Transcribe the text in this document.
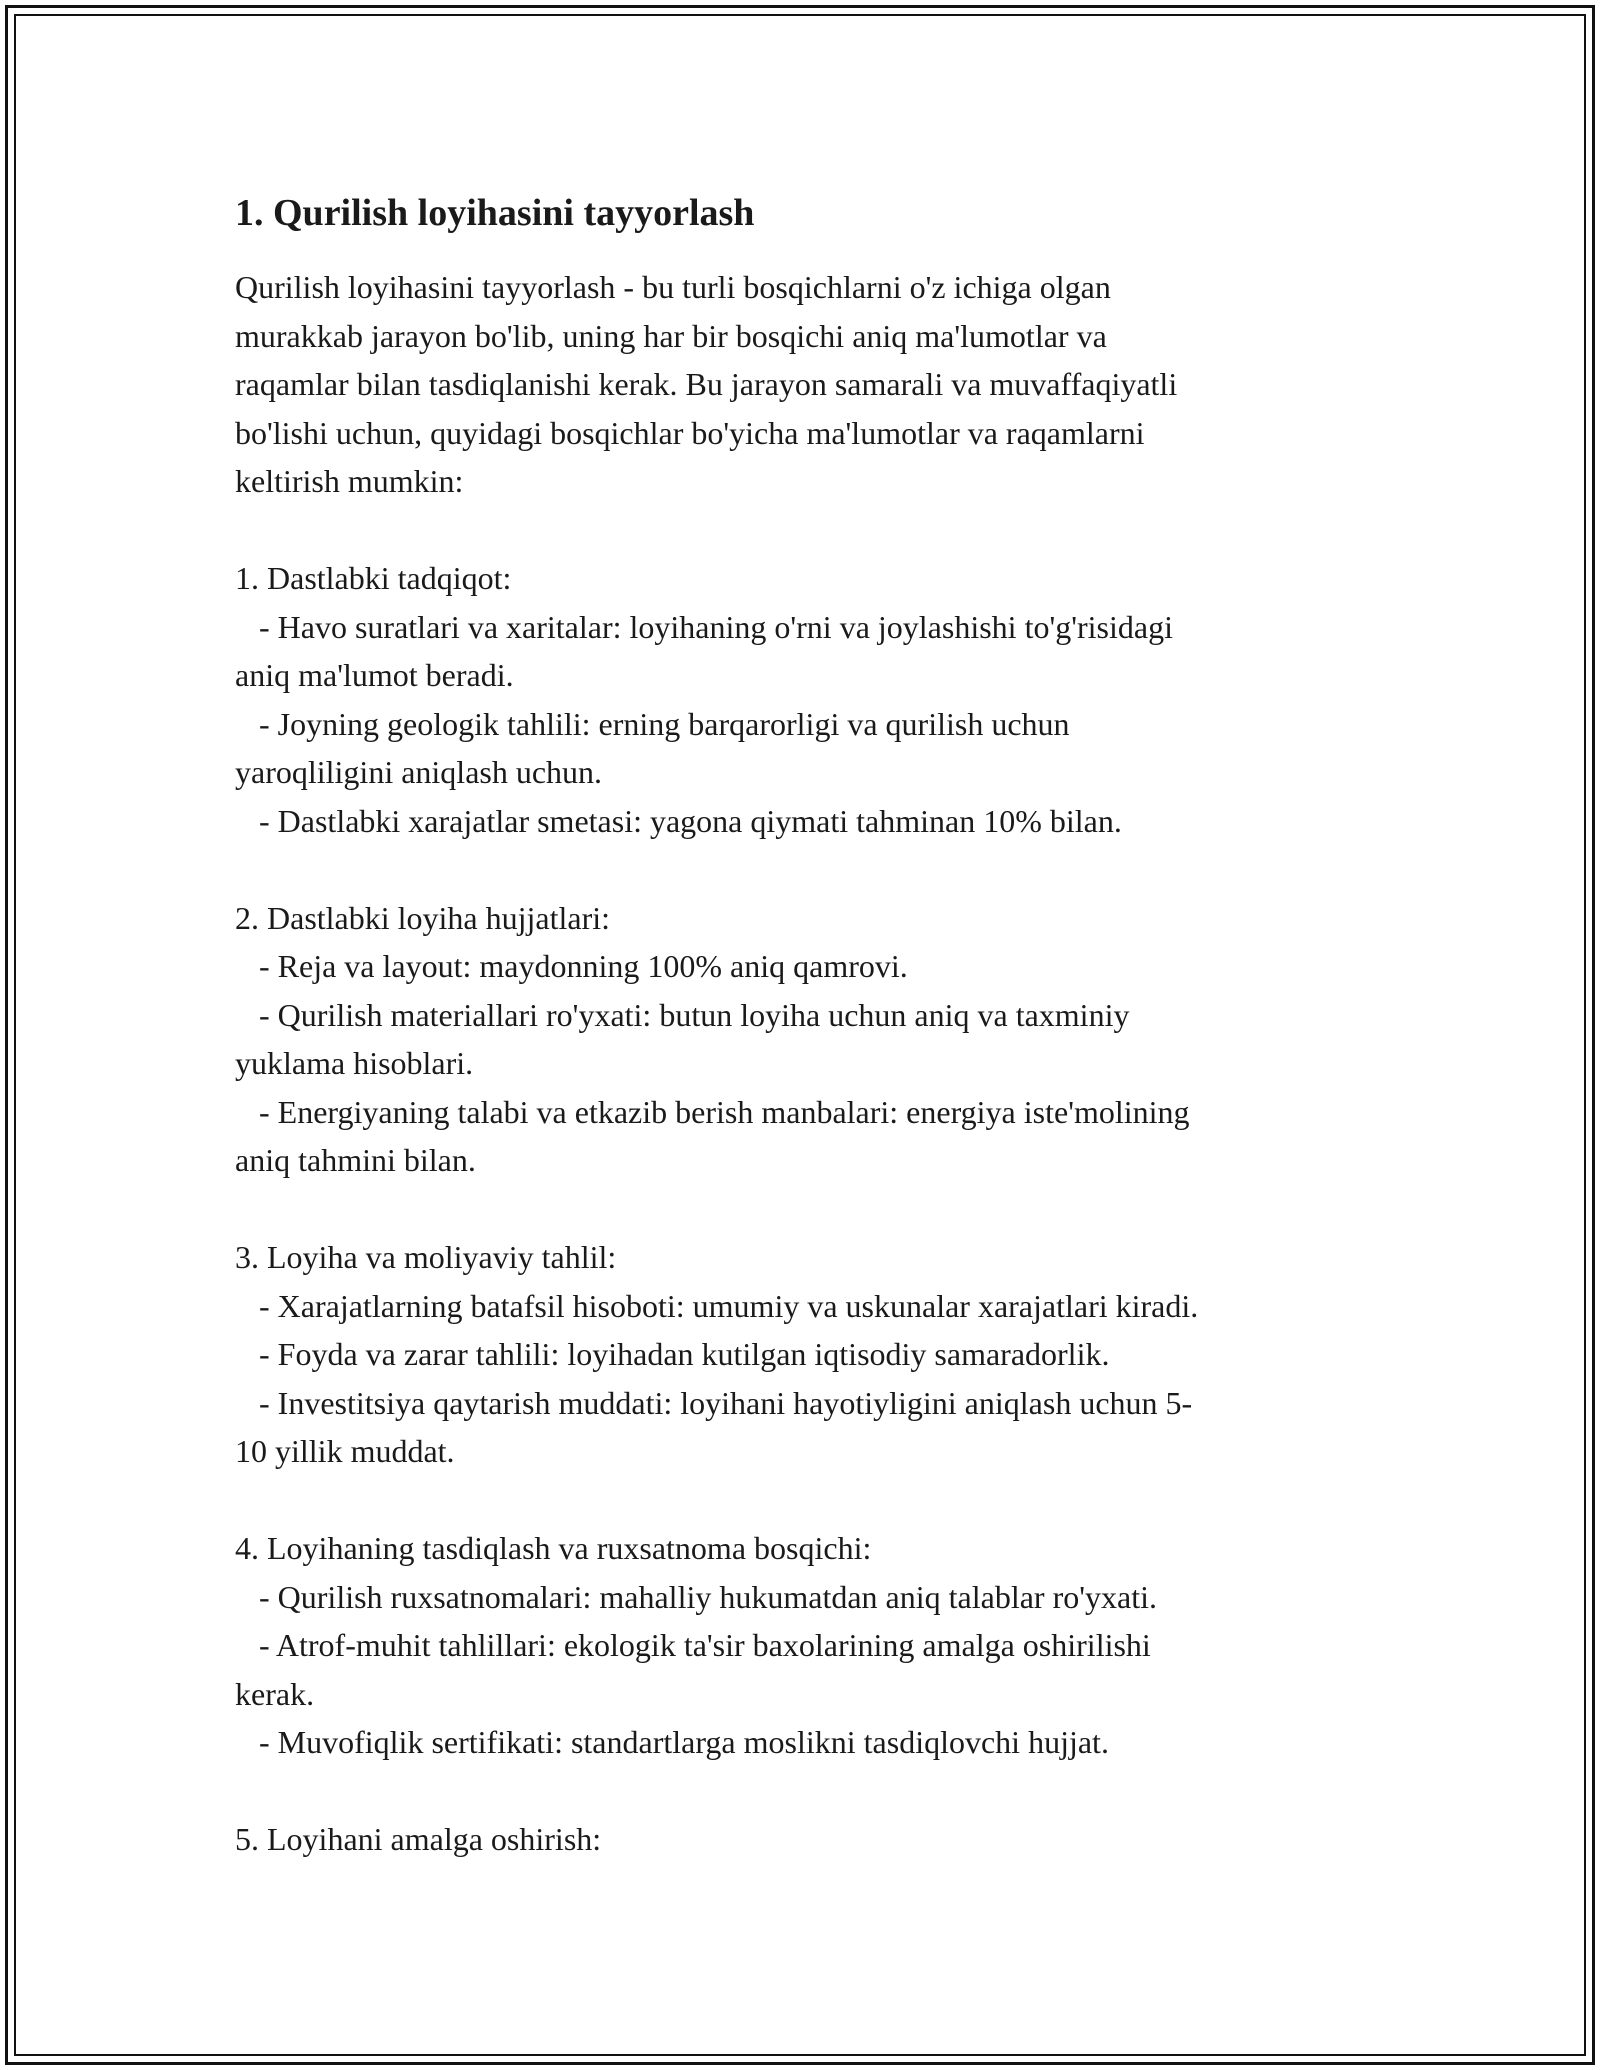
1. Qurilish loyihasini tayyorlash

Qurilish loyihasini tayyorlash - bu turli bosqichlarni o'z ichiga olgan
murakkab jarayon bo'lib, uning har bir bosqichi aniq ma'lumotlar va
raqamlar bilan tasdiqlanishi kerak. Bu jarayon samarali va muvaffaqiyatli
bo'lishi uchun, quyidagi bosqichlar bo'yicha ma'lumotlar va raqamlarni
keltirish mumkin:

1. Dastlabki tadqiqot:
- Havo suratlari va xaritalar: loyihaning o'rni va joylashishi to'g'risidagi
aniq ma'lumot beradi.
- Joyning geologik tahlili: erning barqarorligi va qurilish uchun
yaroqliligini aniqlash uchun.
- Dastlabki xarajatlar smetasi: yagona qiymati tahminan 10% bilan.

2. Dastlabki loyiha hujjatlari:
- Reja va layout: maydonning 100% aniq qamrovi.
- Qurilish materiallari ro'yxati: butun loyiha uchun aniq va taxminiy
yuklama hisoblari.
- Energiyaning talabi va etkazib berish manbalari: energiya iste'molining
aniq tahmini bilan.

3. Loyiha va moliyaviy tahlil:
- Xarajatlarning batafsil hisoboti: umumiy va uskunalar xarajatlari kiradi.
- Foyda va zarar tahlili: loyihadan kutilgan iqtisodiy samaradorlik.
- Investitsiya qaytarish muddati: loyihani hayotiyligini aniqlash uchun 5-
10 yillik muddat.

4. Loyihaning tasdiqlash va ruxsatnoma bosqichi:
- Qurilish ruxsatnomalari: mahalliy hukumatdan aniq talablar ro'yxati.
- Atrof-muhit tahlillari: ekologik ta'sir baxolarining amalga oshirilishi
kerak.
- Muvofiqlik sertifikati: standartlarga moslikni tasdiqlovchi hujjat.

5. Loyihani amalga oshirish:
